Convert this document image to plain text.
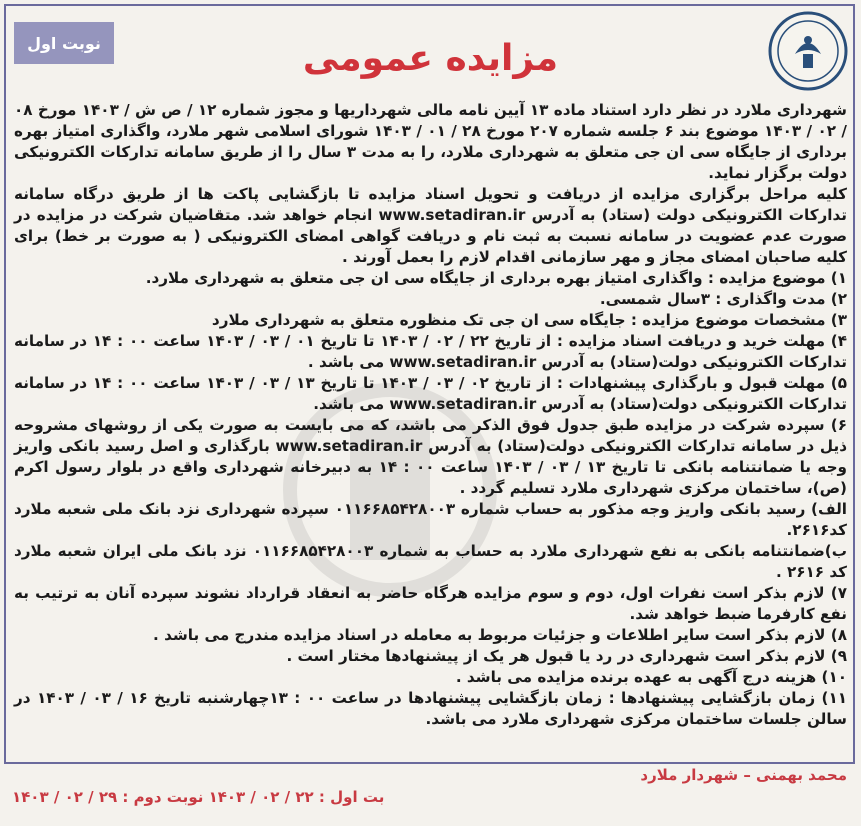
نوبت اول	مزایده عمومی

شهرداری ملارد در نظر دارد استناد ماده ۱۳ آیین نامه مالی شهرداریها و مجوز شماره ۱۲ / ص ش / ۱۴۰۳ مورخ ۰۸ / ۰۲ / ۱۴۰۳ موضوع بند ۶ جلسه شماره ۲۰۷ مورخ ۲۸ / ۰۱ / ۱۴۰۳ شورای اسلامی شهر ملارد، واگذاری امتیاز بهره برداری از جایگاه سی ان جی متعلق به شهرداری ملارد، را به مدت ۳ سال را از طریق سامانه تدارکات الکترونیکی دولت برگزار نماید.

کلیه مراحل برگزاری مزایده از دریافت و تحویل اسناد مزایده تا بازگشایی پاکت ها از طریق درگاه سامانه تدارکات الکترونیکی دولت (ستاد) به آدرس www.setadiran.ir انجام خواهد شد. متقاضیان شرکت در مزایده در صورت عدم عضویت در سامانه نسبت به ثبت نام و دریافت گواهی امضای الکترونیکی ( به صورت بر خط) برای کلیه صاحبان امضای مجاز و مهر سازمانی اقدام لازم را بعمل آورند .

۱) موضوع مزایده : واگذاری امتیاز بهره برداری از جایگاه سی ان جی متعلق به شهرداری ملارد.

۲) مدت واگذاری : ۳سال شمسی.

۳) مشخصات موضوع مزایده : جایگاه سی ان جی تک منظوره متعلق به شهرداری ملارد

۴) مهلت خرید و دریافت اسناد مزایده : از تاریخ ۲۲ / ۰۲ / ۱۴۰۳ تا تاریخ ۰۱ / ۰۳ / ۱۴۰۳ ساعت ۰۰ : ۱۴ در سامانه تدارکات الکترونیکی دولت(ستاد) به آدرس www.setadiran.ir می باشد .

۵) مهلت قبول و بارگذاری پیشنهادات : از تاریخ ۰۲ / ۰۳ / ۱۴۰۳ تا تاریخ ۱۳ / ۰۳ / ۱۴۰۳ ساعت ۰۰ : ۱۴ در سامانه تدارکات الکترونیکی دولت(ستاد) به آدرس www.setadiran.ir می باشد.

۶) سپرده شرکت در مزایده طبق جدول فوق الذکر می باشد، که می بایست به صورت یکی از روشهای مشروحه ذیل در سامانه تدارکات الکترونیکی دولت(ستاد) به آدرس www.setadiran.ir بارگذاری و اصل رسید بانکی واریز وجه یا ضمانتنامه بانکی تا تاریخ ۱۳ / ۰۳ / ۱۴۰۳ ساعت ۰۰ : ۱۴ به دبیرخانه شهرداری واقع در بلوار رسول اکرم (ص)، ساختمان مرکزی شهرداری ملارد تسلیم گردد .

الف) رسید بانکی واریز وجه مذکور به حساب شماره ۰۱۱۶۶۸۵۴۲۸۰۰۳ سپرده شهرداری نزد بانک ملی شعبه ملارد کد۲۶۱۶.

ب)ضمانتنامه بانکی به نفع شهرداری ملارد به حساب به شماره ۰۱۱۶۶۸۵۴۲۸۰۰۳ نزد بانک ملی ایران شعبه ملارد کد ۲۶۱۶ .

۷) لازم بذکر است نفرات اول، دوم و سوم مزایده هرگاه حاضر به انعقاد قرارداد نشوند سپرده آنان به ترتیب به نفع کارفرما ضبط خواهد شد.

۸) لازم بذکر است سایر اطلاعات و جزئیات مربوط به معامله در اسناد مزایده مندرج می باشد .

۹) لازم بذکر است شهرداری در رد یا قبول هر یک از پیشنهادها مختار است .

۱۰) هزینه درج آگهی به عهده برنده مزایده می باشد .

۱۱) زمان بازگشایی پیشنهادها : زمان بازگشایی پیشنهادها در ساعت ۰۰ : ۱۳چهارشنبه تاریخ ۱۶ / ۰۳ / ۱۴۰۳ در سالن جلسات ساختمان مرکزی شهرداری ملارد می باشد.

محمد بهمنی – شهردار ملارد
بت اول : ۲۲ / ۰۲ / ۱۴۰۳ نوبت دوم : ۲۹ / ۰۲ / ۱۴۰۳
